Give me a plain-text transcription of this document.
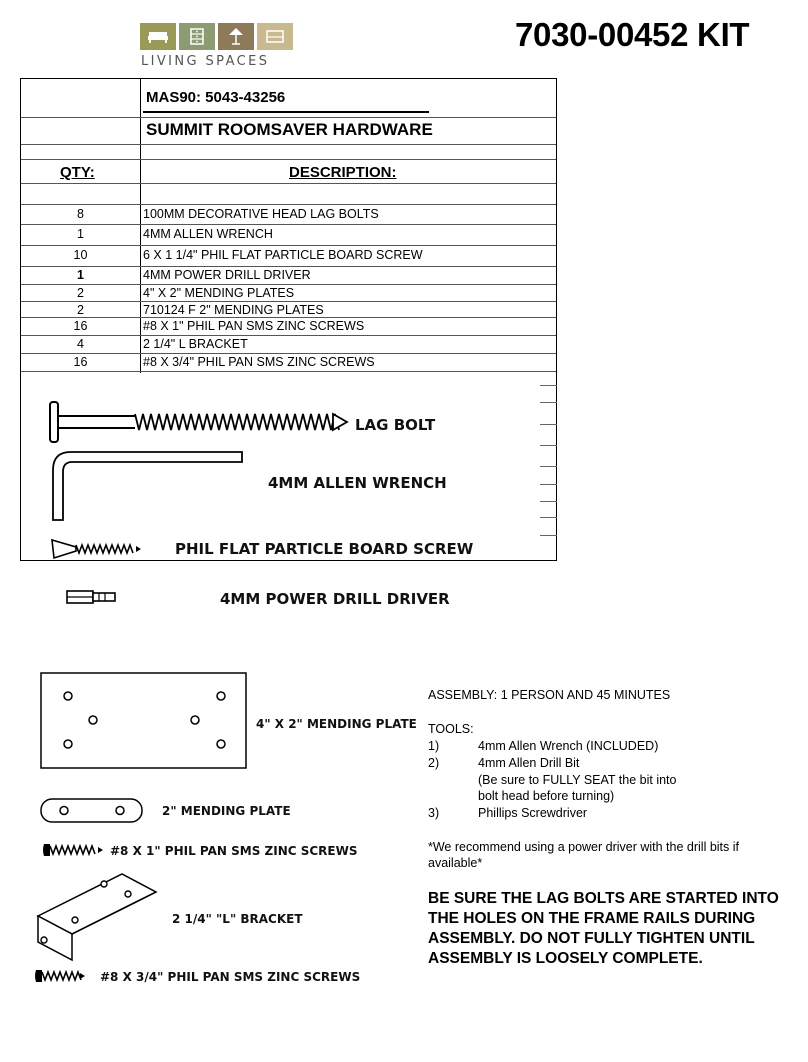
LIVING SPACES
7030-00452 KIT
MAS90: 5043-43256
SUMMIT ROOMSAVER HARDWARE
QTY:	DESCRIPTION:
8	100MM DECORATIVE HEAD LAG BOLTS
1	4MM ALLEN WRENCH
10	6 X 1 1/4" PHIL FLAT PARTICLE BOARD SCREW
1	4MM POWER DRILL DRIVER
2	4" X 2" MENDING PLATES
2	710124 F 2" MENDING PLATES
16	#8 X 1" PHIL PAN SMS ZINC SCREWS
4	2 1/4" L BRACKET
16	#8 X 3/4" PHIL PAN SMS ZINC SCREWS
LAG BOLT
4MM ALLEN WRENCH
PHIL FLAT PARTICLE BOARD SCREW
4MM POWER DRILL DRIVER
4" X 2" MENDING PLATE
2" MENDING PLATE
#8 X 1" PHIL PAN SMS ZINC SCREWS
2 1/4" "L" BRACKET
#8 X 3/4" PHIL PAN SMS ZINC SCREWS
ASSEMBLY: 1 PERSON AND 45 MINUTES
TOOLS:
1)	4mm Allen Wrench (INCLUDED)
2)	4mm Allen Drill Bit
(Be sure to FULLY SEAT the bit into
bolt head before turning)
3)	Phillips Screwdriver
*We recommend using a power driver with the drill bits if available*
BE SURE THE LAG BOLTS ARE STARTED INTO THE HOLES ON THE FRAME RAILS DURING ASSEMBLY. DO NOT FULLY TIGHTEN UNTIL ASSEMBLY IS LOOSELY COMPLETE.
